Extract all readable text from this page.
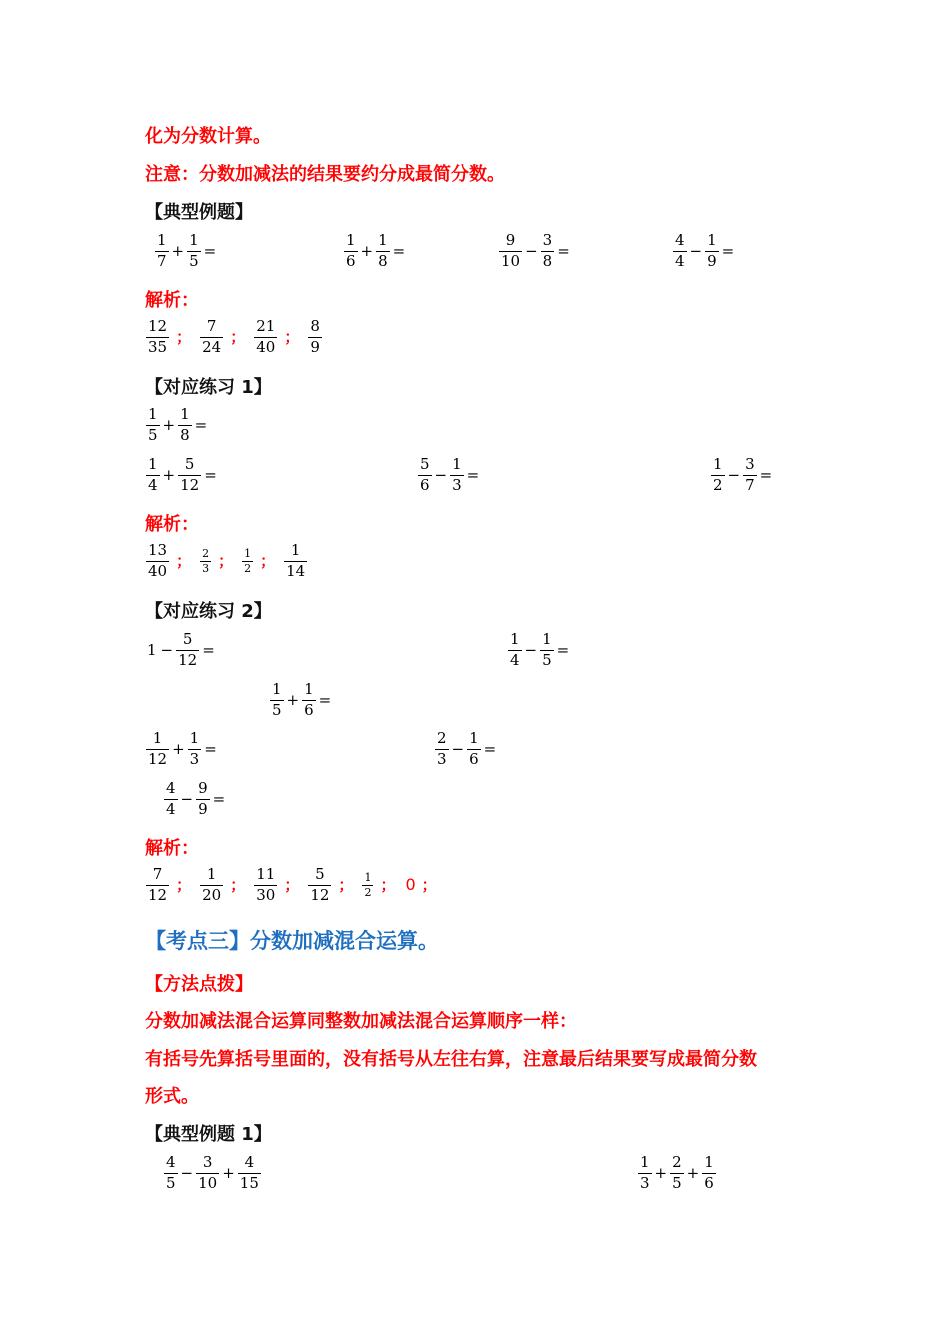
化为分数计算。
注意：分数加减法的结果要约分成最简分数。
【典型例题】
$\frac{1}{7} + \frac{1}{5}$ =	$\frac{1}{6} + \frac{1}{8}$ =	$\frac{9}{10} - \frac{3}{8}$ =	$\frac{4}{4} - \frac{1}{9}$ =
解析：
$\frac{12}{35}$ ； $\frac{7}{24}$ ； $\frac{21}{40}$ ； $\frac{8}{9}$
【对应练习 1】
$\frac{1}{5} + \frac{1}{8}$ =
$\frac{1}{4} + \frac{5}{12}$ =	$\frac{5}{6} - \frac{1}{3}$ =	$\frac{1}{2} - \frac{3}{7}$ =
解析：
$\frac{13}{40}$ ； $\frac{2}{3}$ ； $\frac{1}{2}$ ； $\frac{1}{14}$
【对应练习 2】
$1 - \frac{5}{12}$ =	$\frac{1}{4} - \frac{1}{5}$ =
$\frac{1}{5} + \frac{1}{6}$ =
$\frac{1}{12} + \frac{1}{3}$ =	$\frac{2}{3} - \frac{1}{6}$ =
$\frac{4}{4} - \frac{9}{9}$ =
解析：
$\frac{7}{12}$ ； $\frac{1}{20}$ ； $\frac{11}{30}$ ； $\frac{5}{12}$ ； $\frac{1}{2}$ ； 0 ；
【考点三】分数加减混合运算。
【方法点拨】
分数加减法混合运算同整数加减法混合运算顺序一样：
有括号先算括号里面的，没有括号从左往右算，注意最后结果要写成最简分数
形式。
【典型例题 1】
$\frac{4}{5} - \frac{3}{10} + \frac{4}{15}$	$\frac{1}{3} + \frac{2}{5} + \frac{1}{6}$
